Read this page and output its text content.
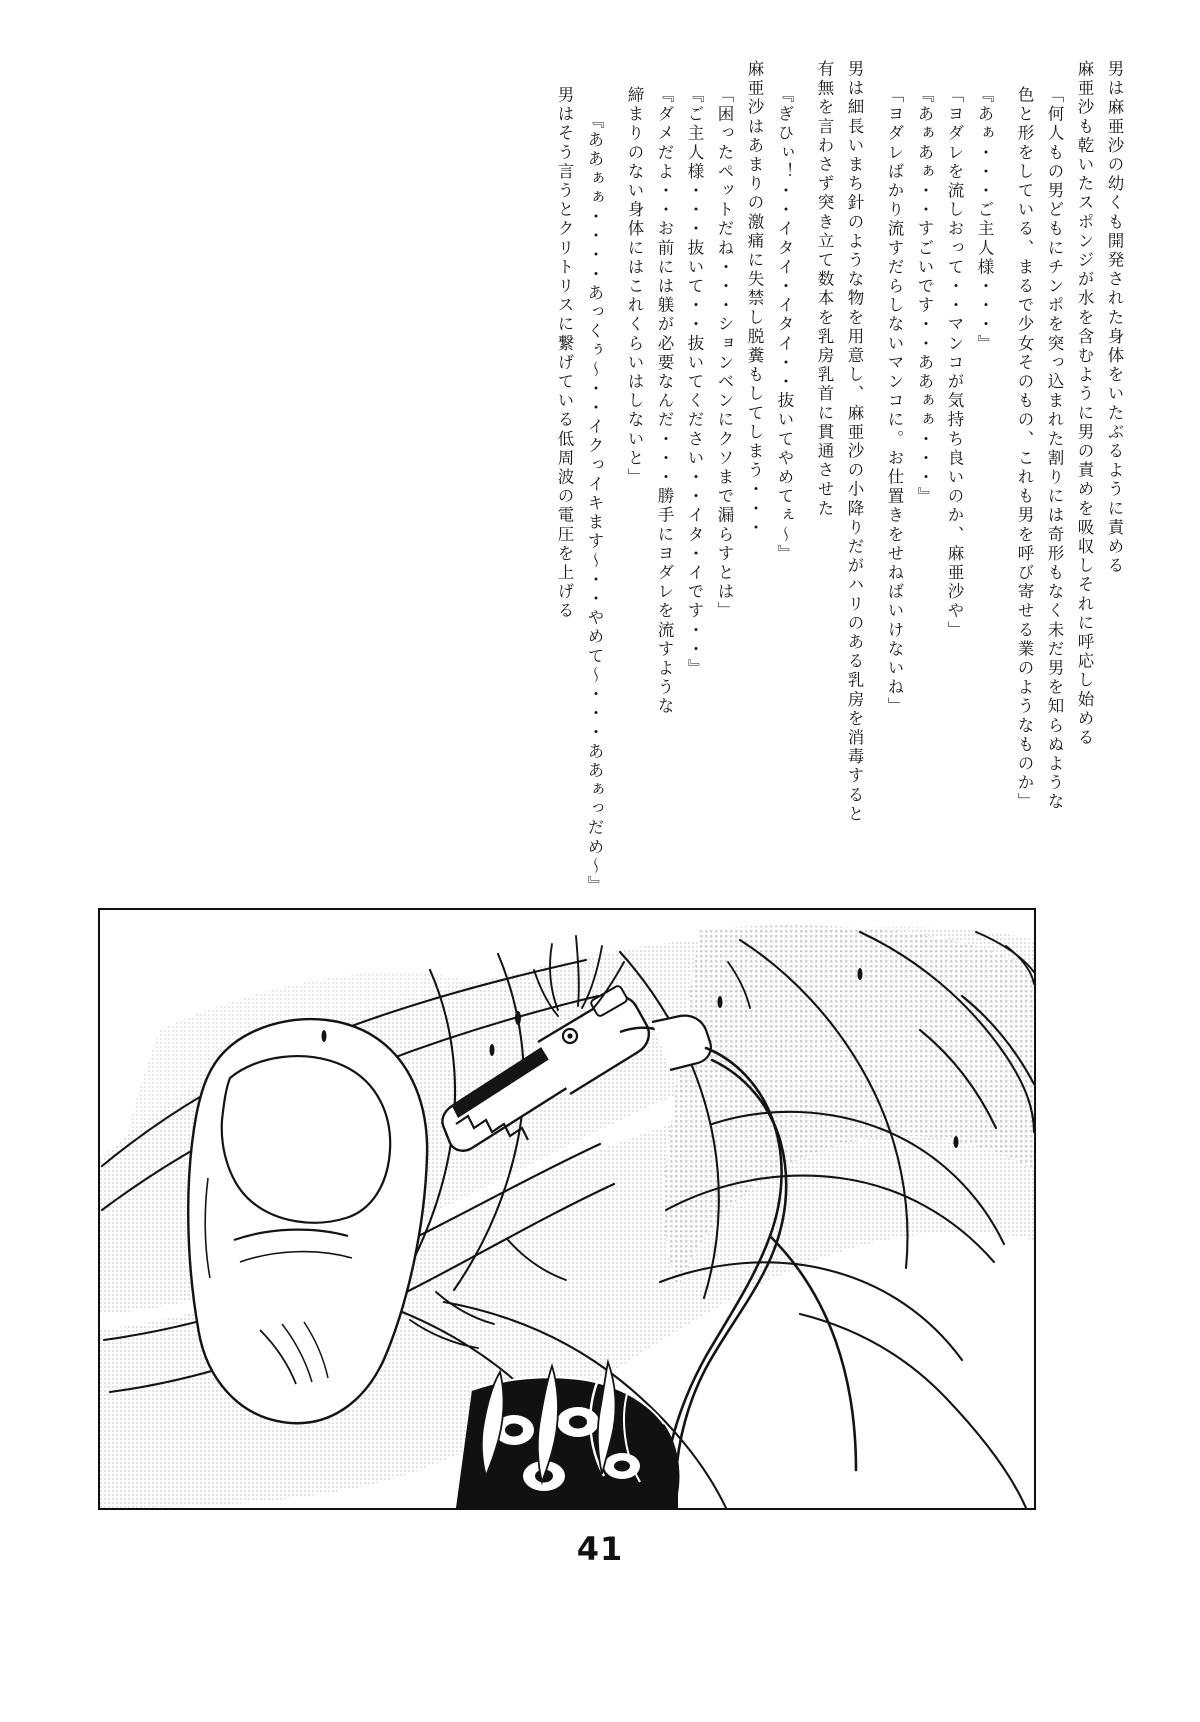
男は麻亜沙の幼くも開発された身体をいたぶるように責める
麻亜沙も乾いたスポンジが水を含むように男の責めを吸収しそれに呼応し始める
「何人もの男どもにチンポを突っ込まれた割りには奇形もなく未だ男を知らぬような
色と形をしている、まるで少女そのもの、これも男を呼び寄せる業のようなものか」
『あぁ・・・ご主人様・・・』
「ヨダレを流しおって・・マンコが気持ち良いのか、麻亜沙や」
『あぁあぁ・・すごいです・・ああぁぁ・・・』
「ヨダレばかり流すだらしないマンコに。お仕置きをせねばいけないね」
男は細長いまち針のような物を用意し、麻亜沙の小降りだがハリのある乳房を消毒すると
有無を言わさず突き立て数本を乳房乳首に貫通させた
『ぎひぃ！・・イタイ・イタイ・・抜いてやめてぇ〜』
麻亜沙はあまりの激痛に失禁し脱糞もしてしまう・・・
「困ったペットだね・・・ションベンにクソまで漏らすとは」
『ご主人様・・・抜いて・・抜いてください・・イタ・イです・・』
『ダメだよ・・お前には躾が必要なんだ・・・勝手にヨダレを流すような
締まりのない身体にはこれくらいはしないと」
『ああぁぁ・・・・あっくぅ〜・・イクっイキます〜・・やめて〜・・・ああぁっだめ〜』
男はそう言うとクリトリスに繋げている低周波の電圧を上げる
41
